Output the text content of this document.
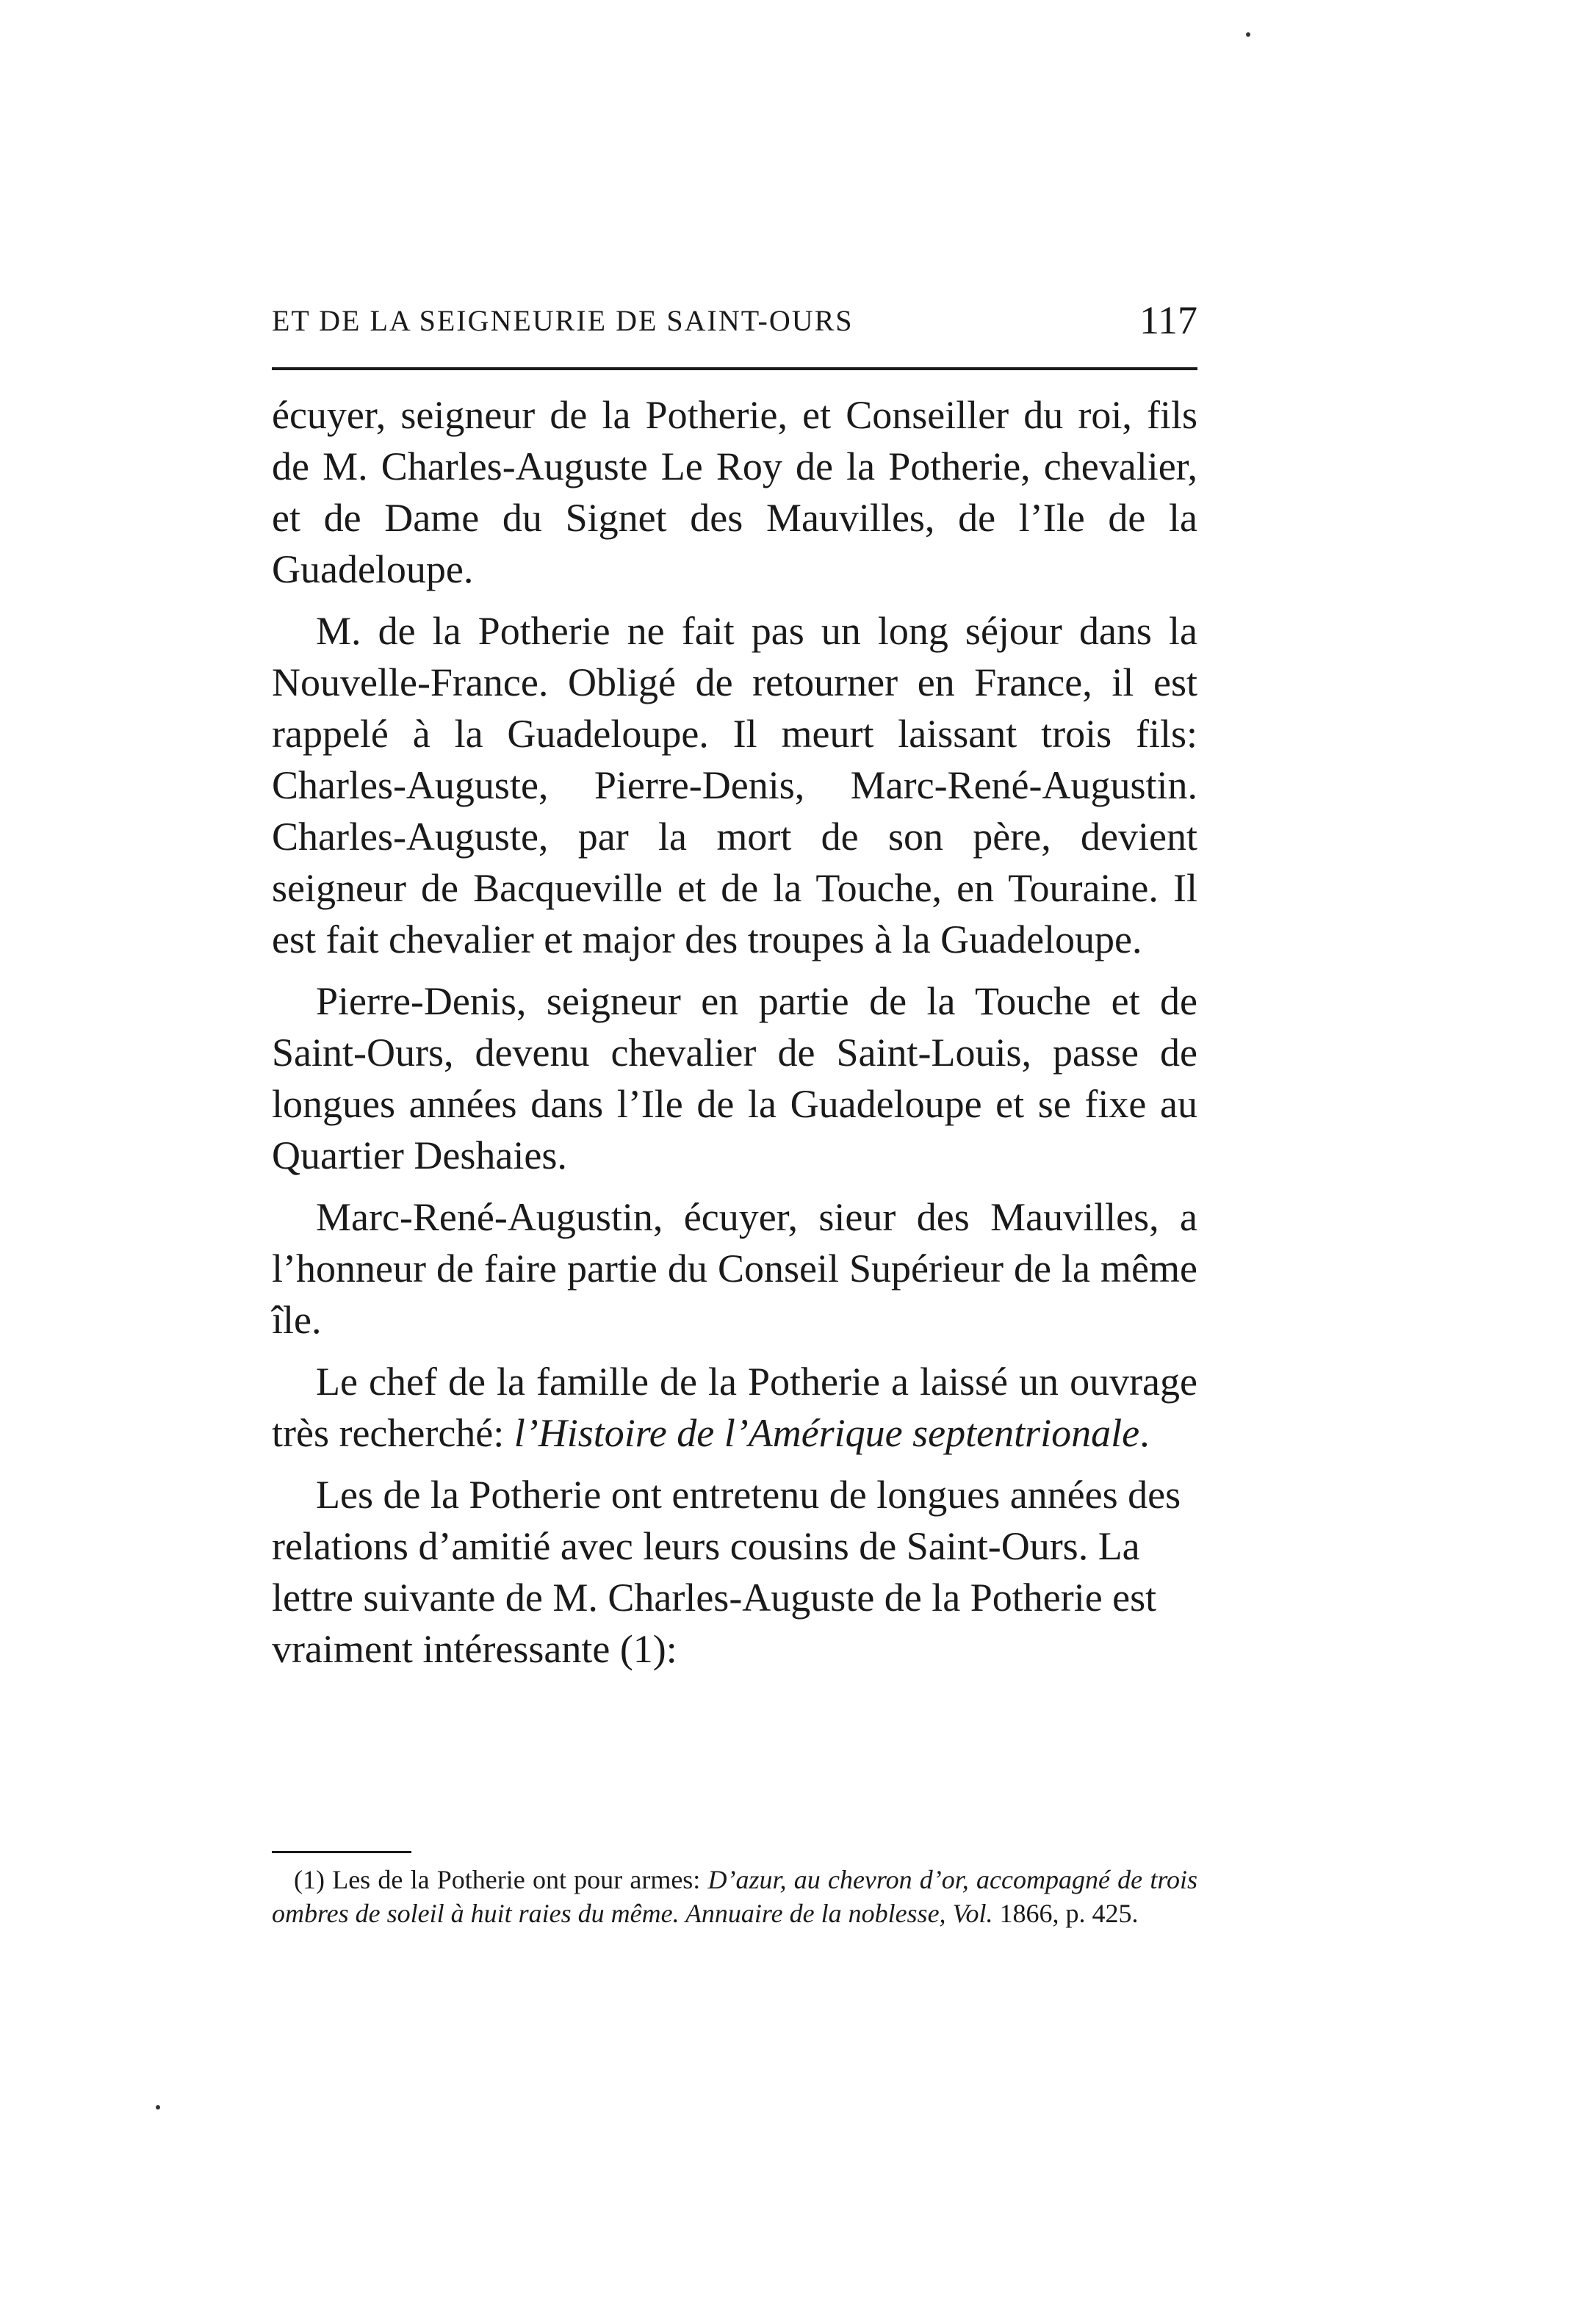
ET DE LA SEIGNEURIE DE SAINT-OURS	117

écuyer, seigneur de la Potherie, et Conseiller du roi, fils de M. Charles-Auguste Le Roy de la Potherie, chevalier, et de Dame du Signet des Mauvilles, de l’Ile de la Guadeloupe.

M. de la Potherie ne fait pas un long séjour dans la Nouvelle-France. Obligé de retourner en France, il est rappelé à la Guadeloupe. Il meurt laissant trois fils: Charles-Auguste, Pierre-Denis, Marc-René-Augustin. Charles-Auguste, par la mort de son père, devient seigneur de Bacqueville et de la Touche, en Touraine. Il est fait chevalier et major des troupes à la Guadeloupe.

Pierre-Denis, seigneur en partie de la Touche et de Saint-Ours, devenu chevalier de Saint-Louis, passe de longues années dans l’Ile de la Guadeloupe et se fixe au Quartier Deshaies.

Marc-René-Augustin, écuyer, sieur des Mauvilles, a l’honneur de faire partie du Conseil Supérieur de la même île.

Le chef de la famille de la Potherie a laissé un ouvrage très recherché: l’Histoire de l’Amérique septentrionale.

Les de la Potherie ont entretenu de longues années des relations d’amitié avec leurs cousins de Saint-Ours. La lettre suivante de M. Charles-Auguste de la Potherie est vraiment intéressante (1):

(1) Les de la Potherie ont pour armes: D’azur, au chevron d’or, accompagné de trois ombres de soleil à huit raies du même. Annuaire de la noblesse, Vol. 1866, p. 425.
